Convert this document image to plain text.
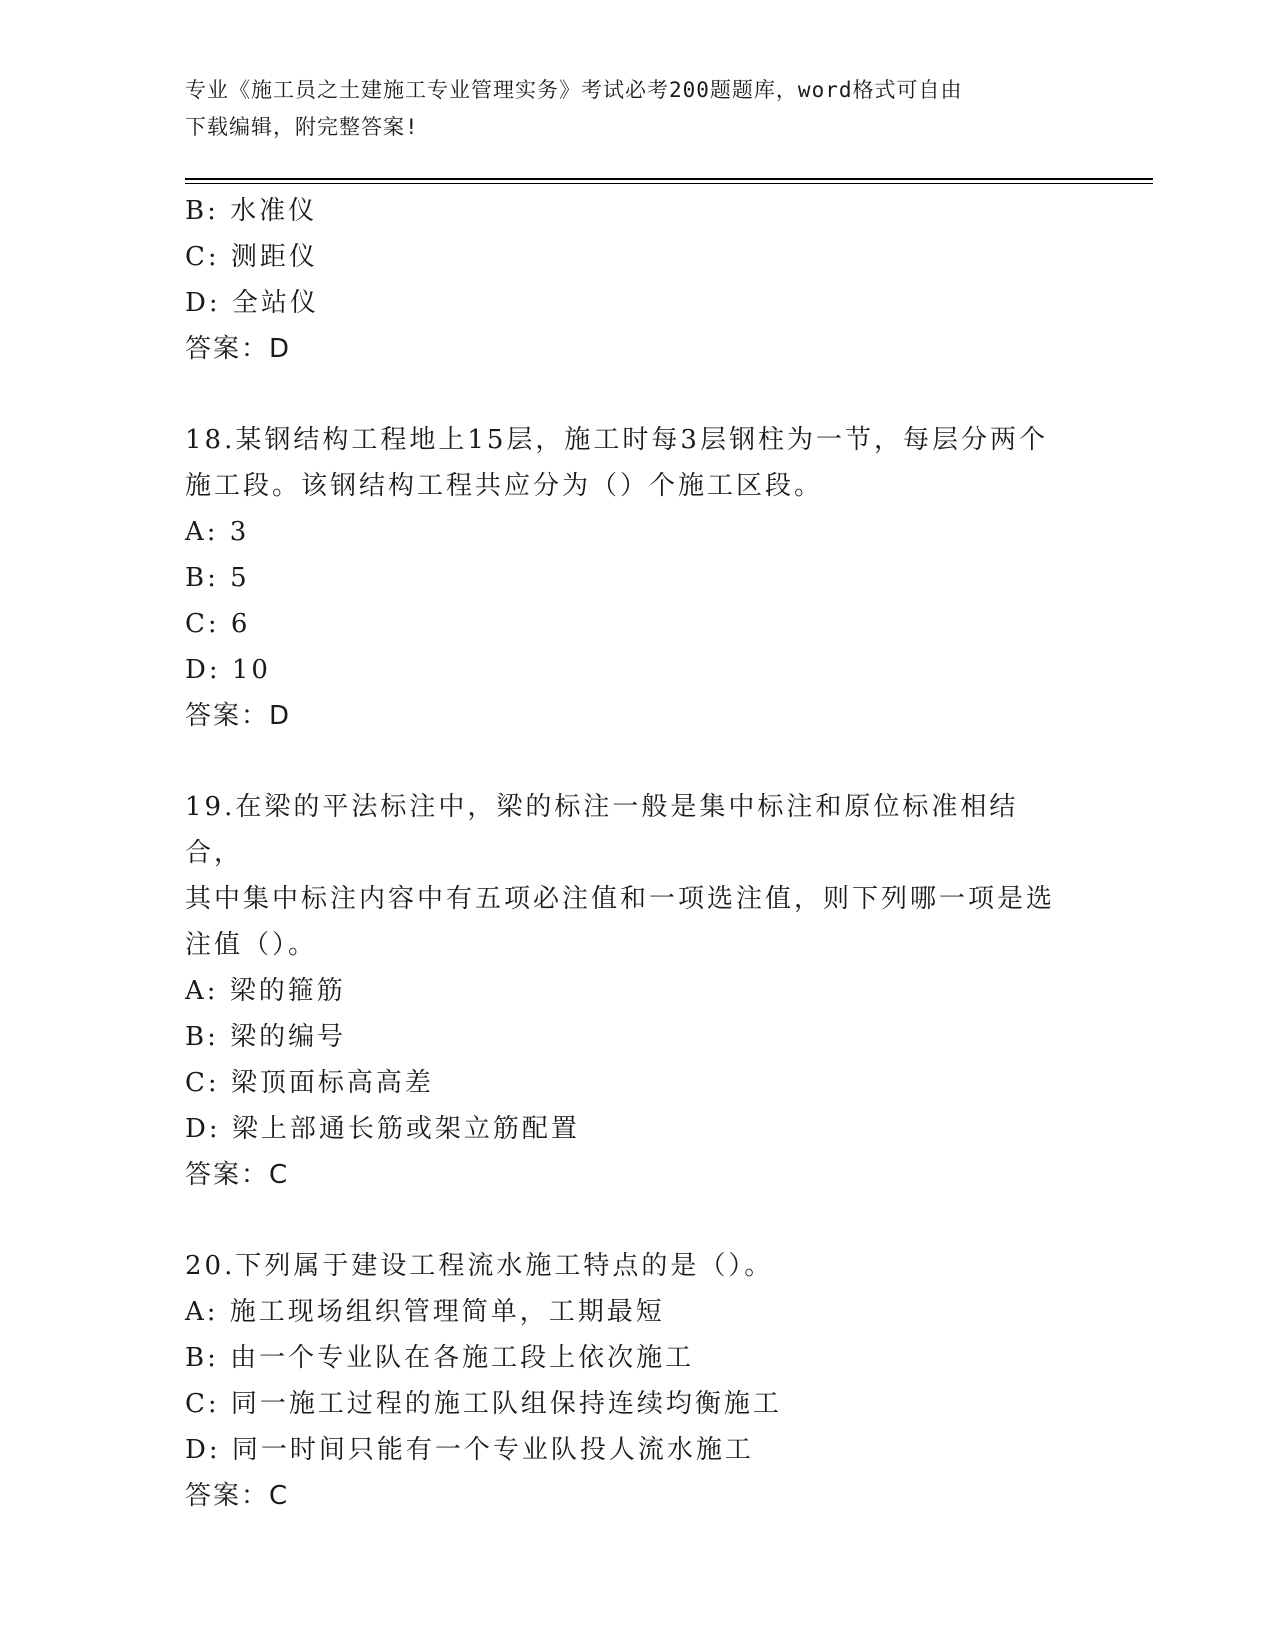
专业《施工员之土建施工专业管理实务》考试必考200题题库，word格式可自由
下载编辑，附完整答案!
B: 水准仪
C: 测距仪
D: 全站仪
答案：D
18.某钢结构工程地上15层，施工时每3层钢柱为一节，每层分两个
施工段。该钢结构工程共应分为（）个施工区段。
A: 3
B: 5
C: 6
D: 10
答案：D
19.在梁的平法标注中，梁的标注一般是集中标注和原位标准相结合，
其中集中标注内容中有五项必注值和一项选注值，则下列哪一项是选
注值（）。
A: 梁的箍筋
B: 梁的编号
C: 梁顶面标高高差
D: 梁上部通长筋或架立筋配置
答案：C
20.下列属于建设工程流水施工特点的是（）。
A: 施工现场组织管理简单，工期最短
B: 由一个专业队在各施工段上依次施工
C: 同一施工过程的施工队组保持连续均衡施工
D: 同一时间只能有一个专业队投人流水施工
答案：C
